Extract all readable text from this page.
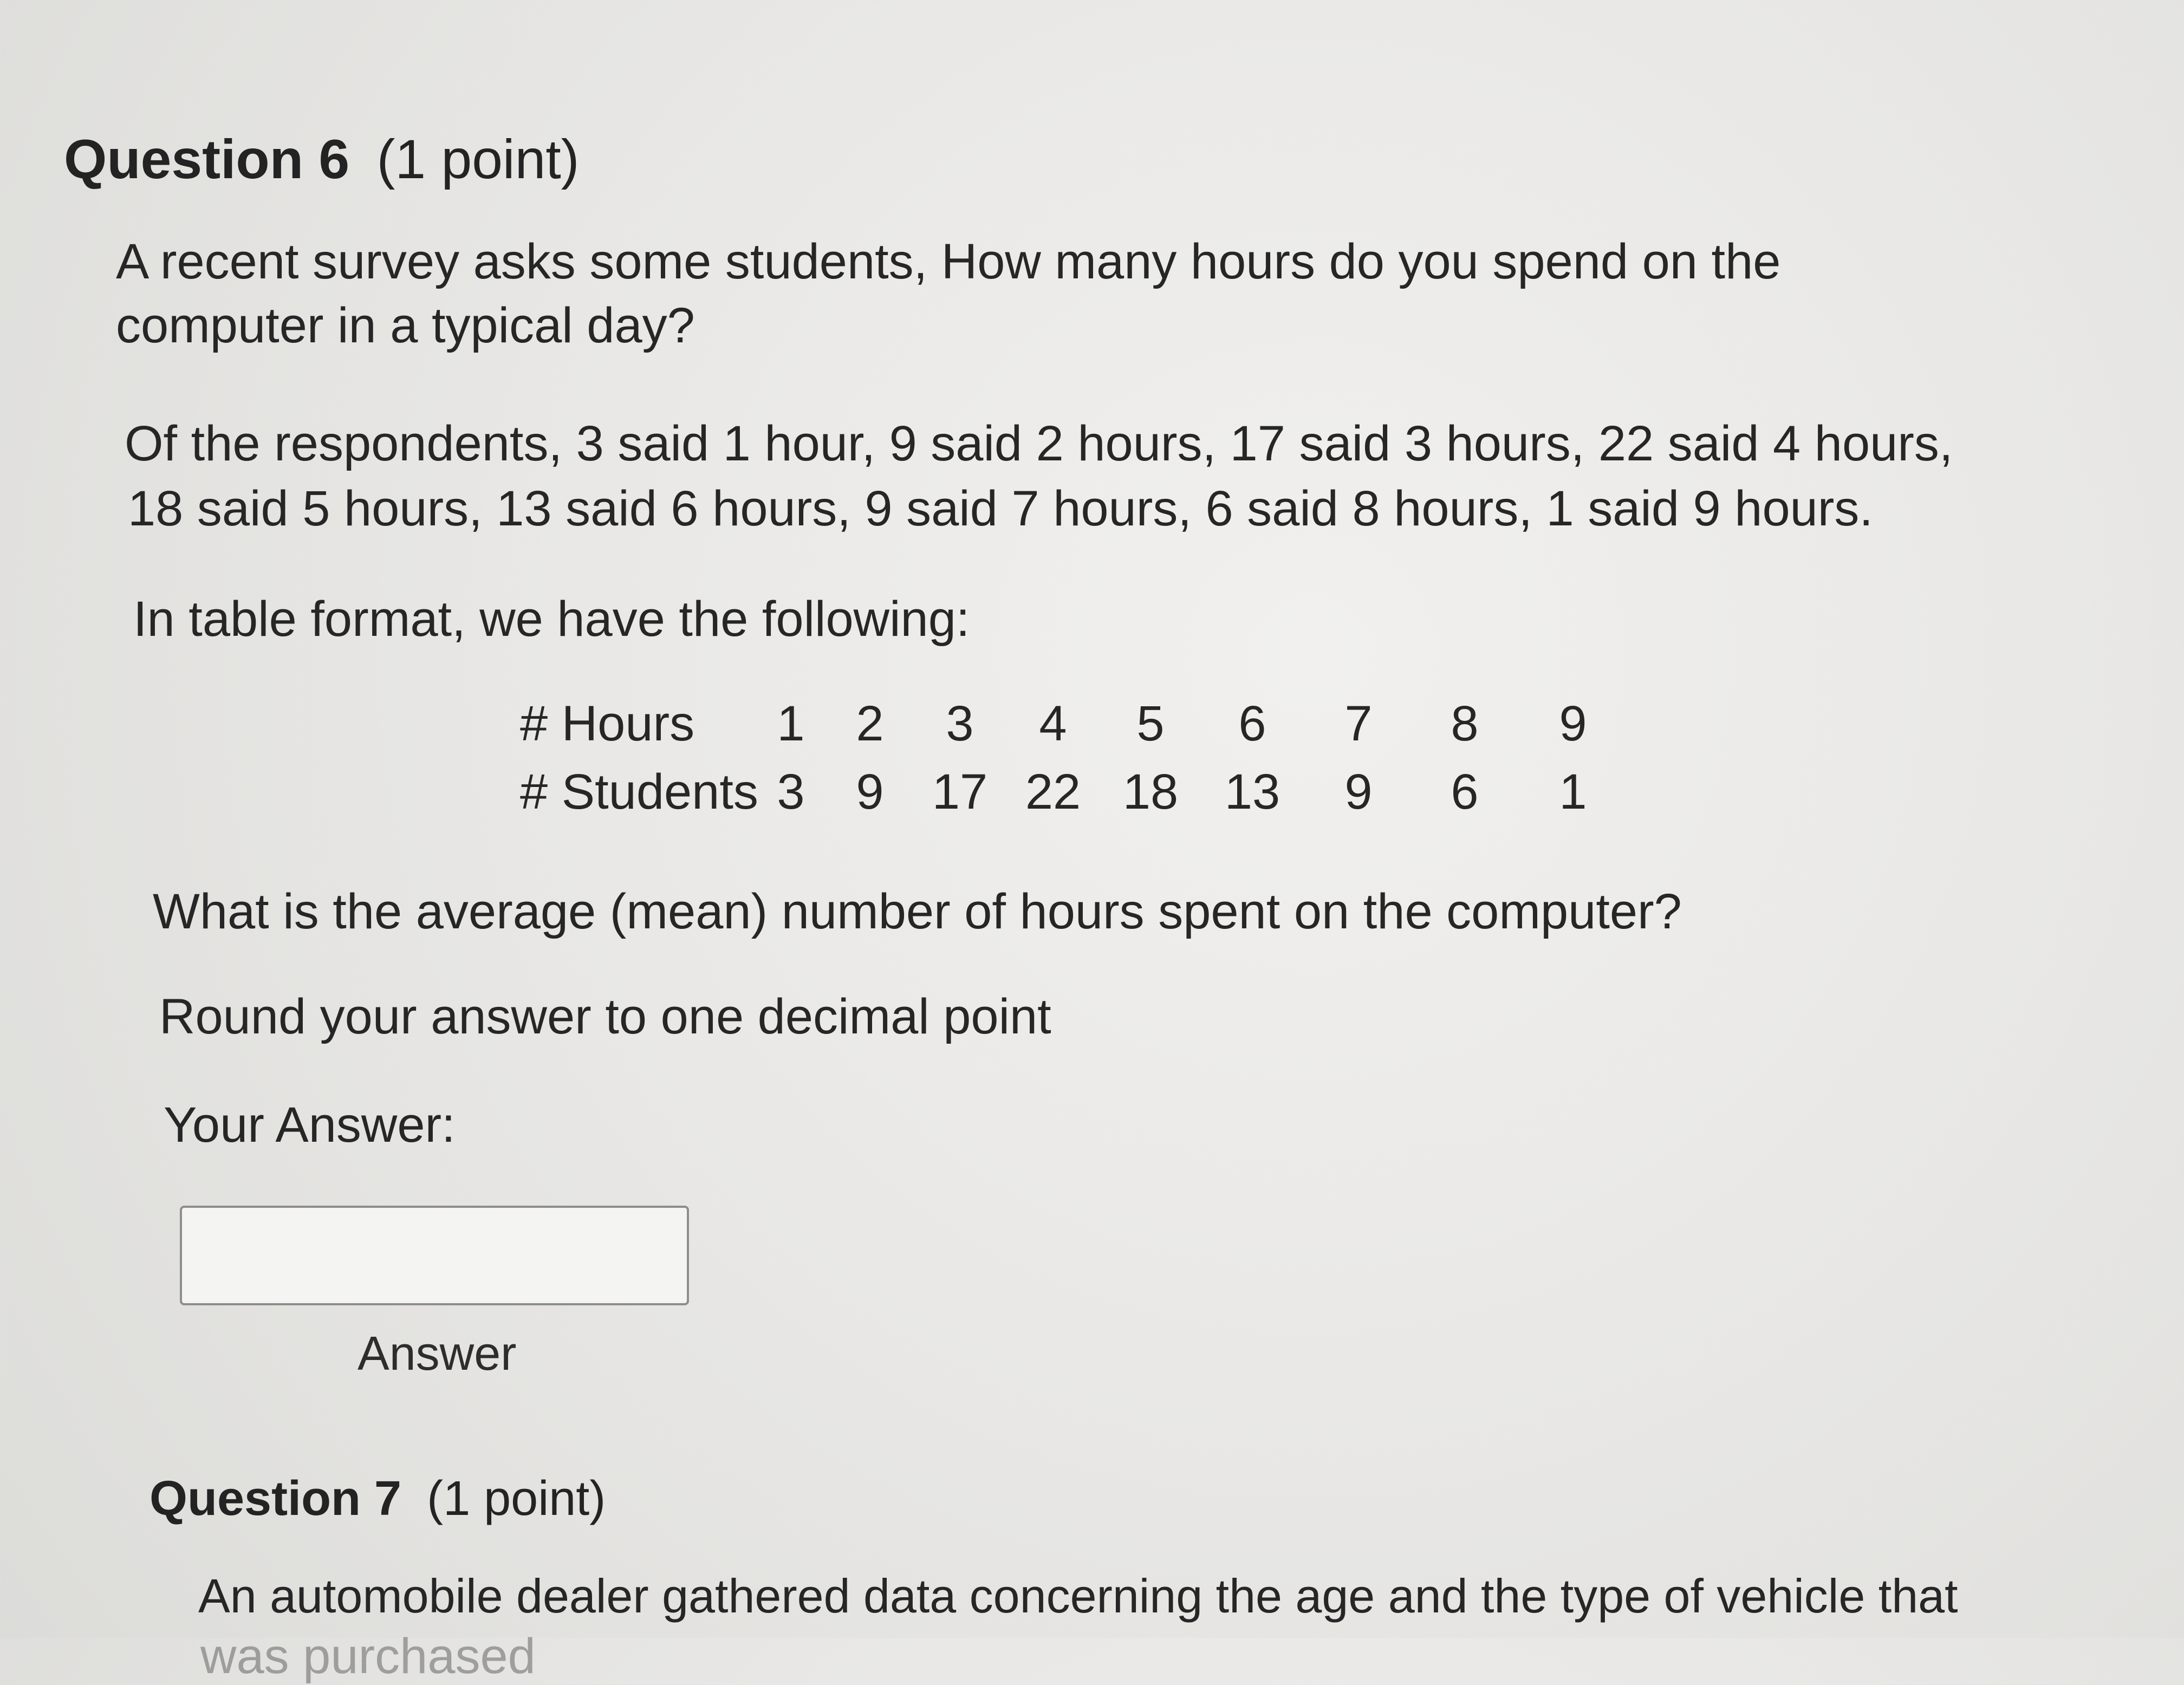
Question 6 (1 point)
A recent survey asks some students, How many hours do you spend on the
computer in a typical day?
Of the respondents, 3 said 1 hour, 9 said 2 hours, 17 said 3 hours, 22 said 4 hours,
18 said 5 hours, 13 said 6 hours, 9 said 7 hours, 6 said 8 hours, 1 said 9 hours.
In table format, we have the following:
# Hours	1	2	3	4	5	6	7	8	9
# Students 3	9 17 22 18 13	9	6	1
What is the average (mean) number of hours spent on the computer?
Round your answer to one decimal point
Your Answer:
Answer
Question 7 (1 point)
An automobile dealer gathered data concerning the age and the type of vehicle that
was purchased
